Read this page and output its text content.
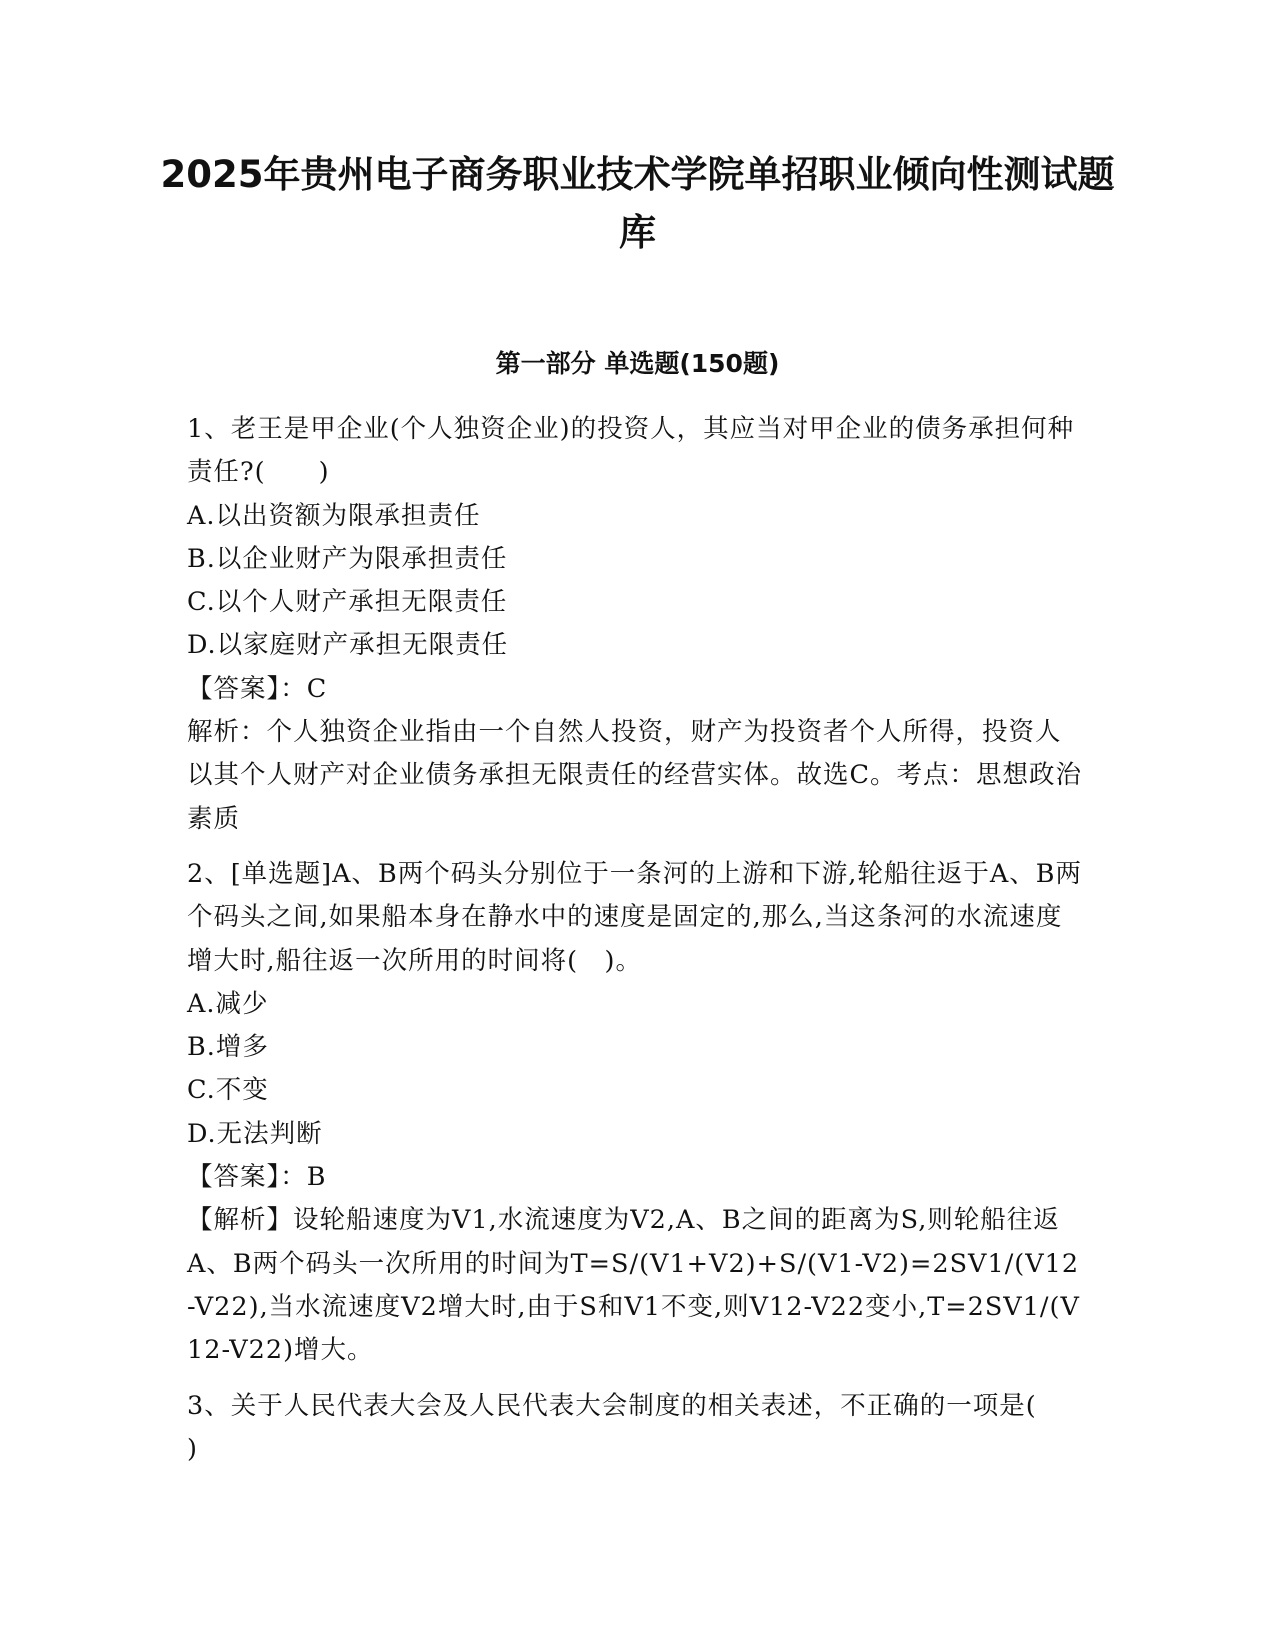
2025年贵州电子商务职业技术学院单招职业倾向性测试题库
第一部分 单选题(150题)

1、老王是甲企业(个人独资企业)的投资人，其应当对甲企业的债务承担何种责任?(　　)

A.以出资额为限承担责任

B.以企业财产为限承担责任

C.以个人财产承担无限责任

D.以家庭财产承担无限责任

【答案】：C

解析：个人独资企业指由一个自然人投资，财产为投资者个人所得，投资人以其个人财产对企业债务承担无限责任的经营实体。故选C。考点：思想政治素质

2、[单选题]A、B两个码头分别位于一条河的上游和下游,轮船往返于A、B两个码头之间,如果船本身在静水中的速度是固定的,那么,当这条河的水流速度增大时,船往返一次所用的时间将(　)。

A.减少

B.增多

C.不变

D.无法判断

【答案】：B

【解析】设轮船速度为V1,水流速度为V2,A、B之间的距离为S,则轮船往返A、B两个码头一次所用的时间为T=S/(V1+V2)+S/(V1-V2)=2SV1/(V12-V22),当水流速度V2增大时,由于S和V1不变,则V12-V22变小,T=2SV1/(V12-V22)增大。

3、关于人民代表大会及人民代表大会制度的相关表述，不正确的一项是(　　)
